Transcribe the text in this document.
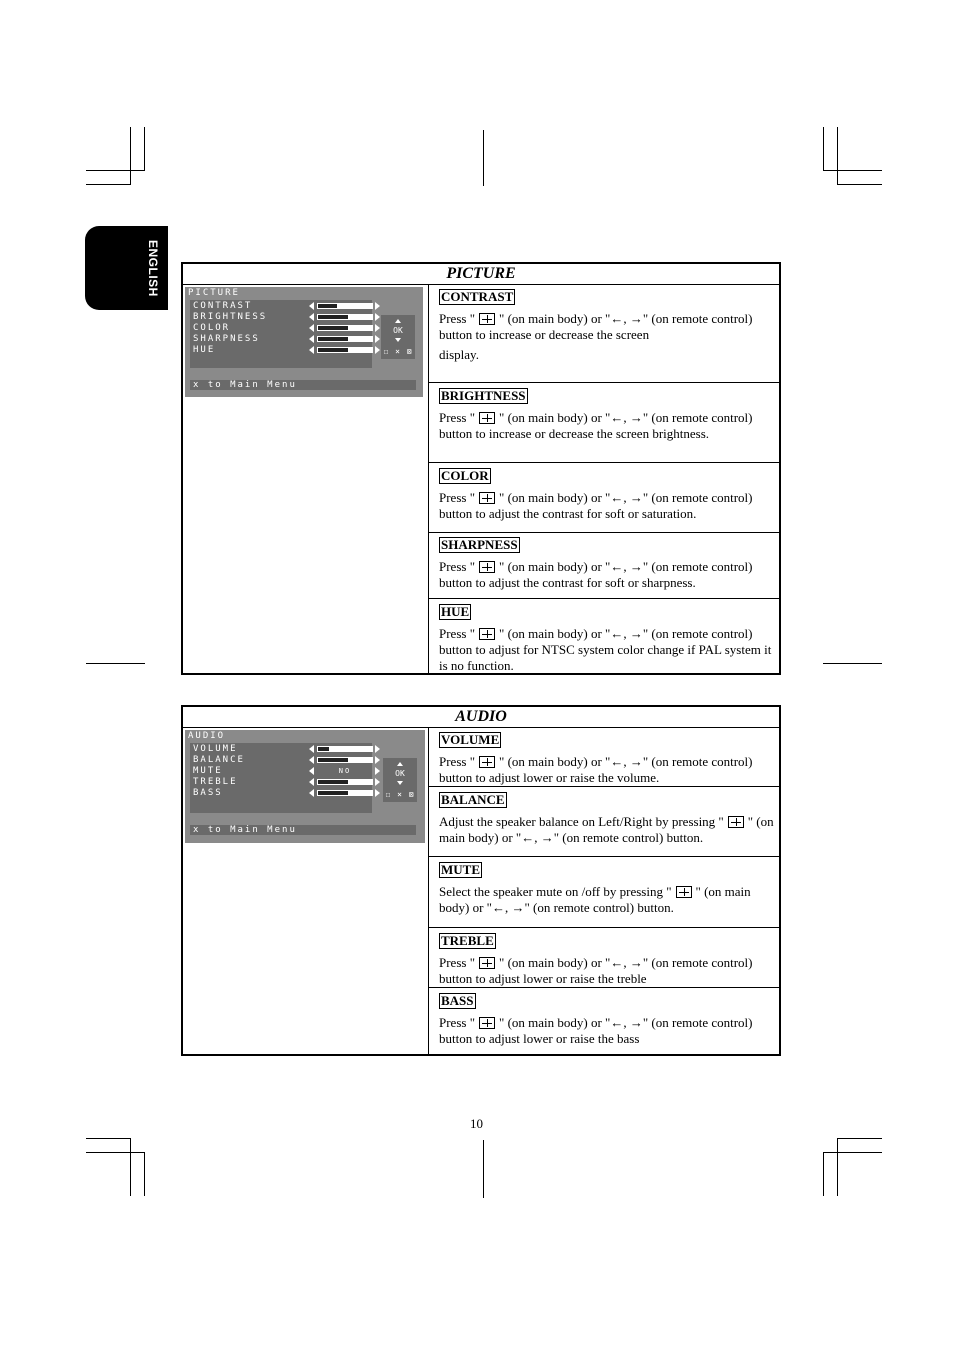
ENGLISH	PICTURE
PICTURE
CONTRAST
BRIGHTNESS
COLOR
SHARPNESS
HUE
OK
☐ × ⊠
x to Main Menu
CONTRAST

Press " " (on main body) or "←, →" (on remote control) button to increase or decrease the screen

display.

BRIGHTNESS

Press " " (on main body) or "←, →" (on remote control) button to increase or decrease the screen brightness.

COLOR

Press " " (on main body) or "←, →" (on remote control) button to adjust the contrast for soft or saturation.

SHARPNESS

Press " " (on main body) or "←, →" (on remote control) button to adjust the contrast for soft or sharpness.

HUE

Press " " (on main body) or "←, →" (on remote control) button to adjust for NTSC system color change if PAL system it is no function.

AUDIO
AUDIO
VOLUME
BALANCE
MUTE	NO
TREBLE
BASS
OK
☐ × ⊠
x to Main Menu
VOLUME

Press " " (on main body) or "←, →" (on remote control) button to adjust lower or raise the volume.

BALANCE

Adjust the speaker balance on Left/Right by pressing " " (on main body) or "←, →" (on remote control) button.

MUTE

Select the speaker mute on /off by pressing " " (on main body) or "←, →" (on remote control) button.

TREBLE

Press " " (on main body) or "←, →" (on remote control) button to adjust lower or raise the treble

BASS

Press " " (on main body) or "←, →" (on remote control) button to adjust lower or raise the bass

10
